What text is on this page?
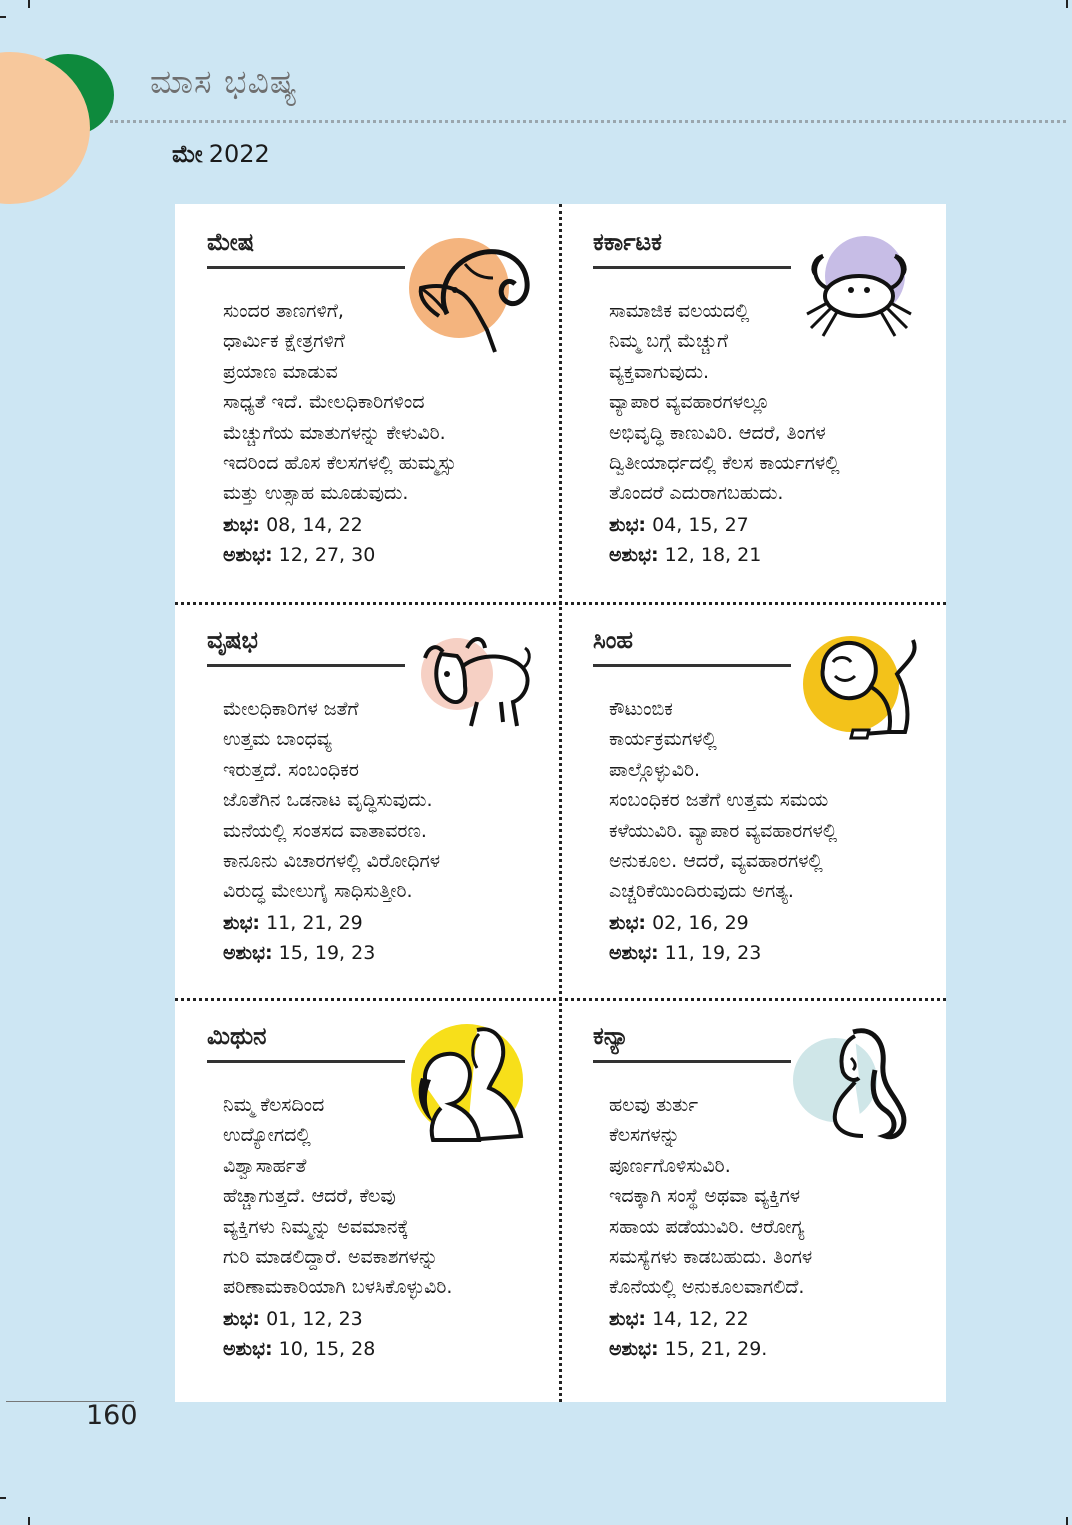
ಮಾಸ ಭವಿಷ್ಯ
ಮೇ 2022
ಮೇಷ
ಸುಂದರ ತಾಣಗಳಿಗೆ,
ಧಾರ್ಮಿಕ ಕ್ಷೇತ್ರಗಳಿಗೆ
ಪ್ರಯಾಣ ಮಾಡುವ
ಸಾಧ್ಯತೆ ಇದೆ. ಮೇಲಧಿಕಾರಿಗಳಿಂದ
ಮೆಚ್ಚುಗೆಯ ಮಾತುಗಳನ್ನು ಕೇಳುವಿರಿ.
ಇದರಿಂದ ಹೊಸ ಕೆಲಸಗಳಲ್ಲಿ ಹುಮ್ಮಸ್ಸು
ಮತ್ತು ಉತ್ಸಾಹ ಮೂಡುವುದು.
ಶುಭ: 08, 14, 22
ಅಶುಭ: 12, 27, 30
ಕರ್ಕಾಟಕ
ಸಾಮಾಜಿಕ ವಲಯದಲ್ಲಿ
ನಿಮ್ಮ ಬಗ್ಗೆ ಮೆಚ್ಚುಗೆ
ವ್ಯಕ್ತವಾಗುವುದು.
ವ್ಯಾಪಾರ ವ್ಯವಹಾರಗಳಲ್ಲೂ
ಅಭಿವೃದ್ಧಿ ಕಾಣುವಿರಿ. ಆದರೆ, ತಿಂಗಳ
ದ್ವಿತೀಯಾರ್ಧದಲ್ಲಿ ಕೆಲಸ ಕಾರ್ಯಗಳಲ್ಲಿ
ತೊಂದರೆ ಎದುರಾಗಬಹುದು.
ಶುಭ: 04, 15, 27
ಅಶುಭ: 12, 18, 21
ವೃಷಭ
ಮೇಲಧಿಕಾರಿಗಳ ಜತೆಗೆ
ಉತ್ತಮ ಬಾಂಧವ್ಯ
ಇರುತ್ತದೆ. ಸಂಬಂಧಿಕರ
ಜೊತೆಗಿನ ಒಡನಾಟ ವೃದ್ಧಿಸುವುದು.
ಮನೆಯಲ್ಲಿ ಸಂತಸದ ವಾತಾವರಣ.
ಕಾನೂನು ವಿಚಾರಗಳಲ್ಲಿ ವಿರೋಧಿಗಳ
ವಿರುದ್ಧ ಮೇಲುಗೈ ಸಾಧಿಸುತ್ತೀರಿ.
ಶುಭ: 11, 21, 29
ಅಶುಭ: 15, 19, 23
ಸಿಂಹ
ಕೌಟುಂಬಿಕ
ಕಾರ್ಯಕ್ರಮಗಳಲ್ಲಿ
ಪಾಲ್ಗೊಳ್ಳುವಿರಿ.
ಸಂಬಂಧಿಕರ ಜತೆಗೆ ಉತ್ತಮ ಸಮಯ
ಕಳೆಯುವಿರಿ. ವ್ಯಾಪಾರ ವ್ಯವಹಾರಗಳಲ್ಲಿ
ಅನುಕೂಲ. ಆದರೆ, ವ್ಯವಹಾರಗಳಲ್ಲಿ
ಎಚ್ಚರಿಕೆಯಿಂದಿರುವುದು ಅಗತ್ಯ.
ಶುಭ: 02, 16, 29
ಅಶುಭ: 11, 19, 23
ಮಿಥುನ
ನಿಮ್ಮ ಕೆಲಸದಿಂದ
ಉದ್ಯೋಗದಲ್ಲಿ
ವಿಶ್ವಾಸಾರ್ಹತೆ
ಹೆಚ್ಚಾಗುತ್ತದೆ. ಆದರೆ, ಕೆಲವು
ವ್ಯಕ್ತಿಗಳು ನಿಮ್ಮನ್ನು ಅವಮಾನಕ್ಕೆ
ಗುರಿ ಮಾಡಲಿದ್ದಾರೆ. ಅವಕಾಶಗಳನ್ನು
ಪರಿಣಾಮಕಾರಿಯಾಗಿ ಬಳಸಿಕೊಳ್ಳುವಿರಿ.
ಶುಭ: 01, 12, 23
ಅಶುಭ: 10, 15, 28
ಕನ್ಯಾ
ಹಲವು ತುರ್ತು
ಕೆಲಸಗಳನ್ನು
ಪೂರ್ಣಗೊಳಿಸುವಿರಿ.
ಇದಕ್ಕಾಗಿ ಸಂಸ್ಥೆ ಅಥವಾ ವ್ಯಕ್ತಿಗಳ
ಸಹಾಯ ಪಡೆಯುವಿರಿ. ಆರೋಗ್ಯ
ಸಮಸ್ಯೆಗಳು ಕಾಡಬಹುದು. ತಿಂಗಳ
ಕೊನೆಯಲ್ಲಿ ಅನುಕೂಲವಾಗಲಿದೆ.
ಶುಭ: 14, 12, 22
ಅಶುಭ: 15, 21, 29.
160
